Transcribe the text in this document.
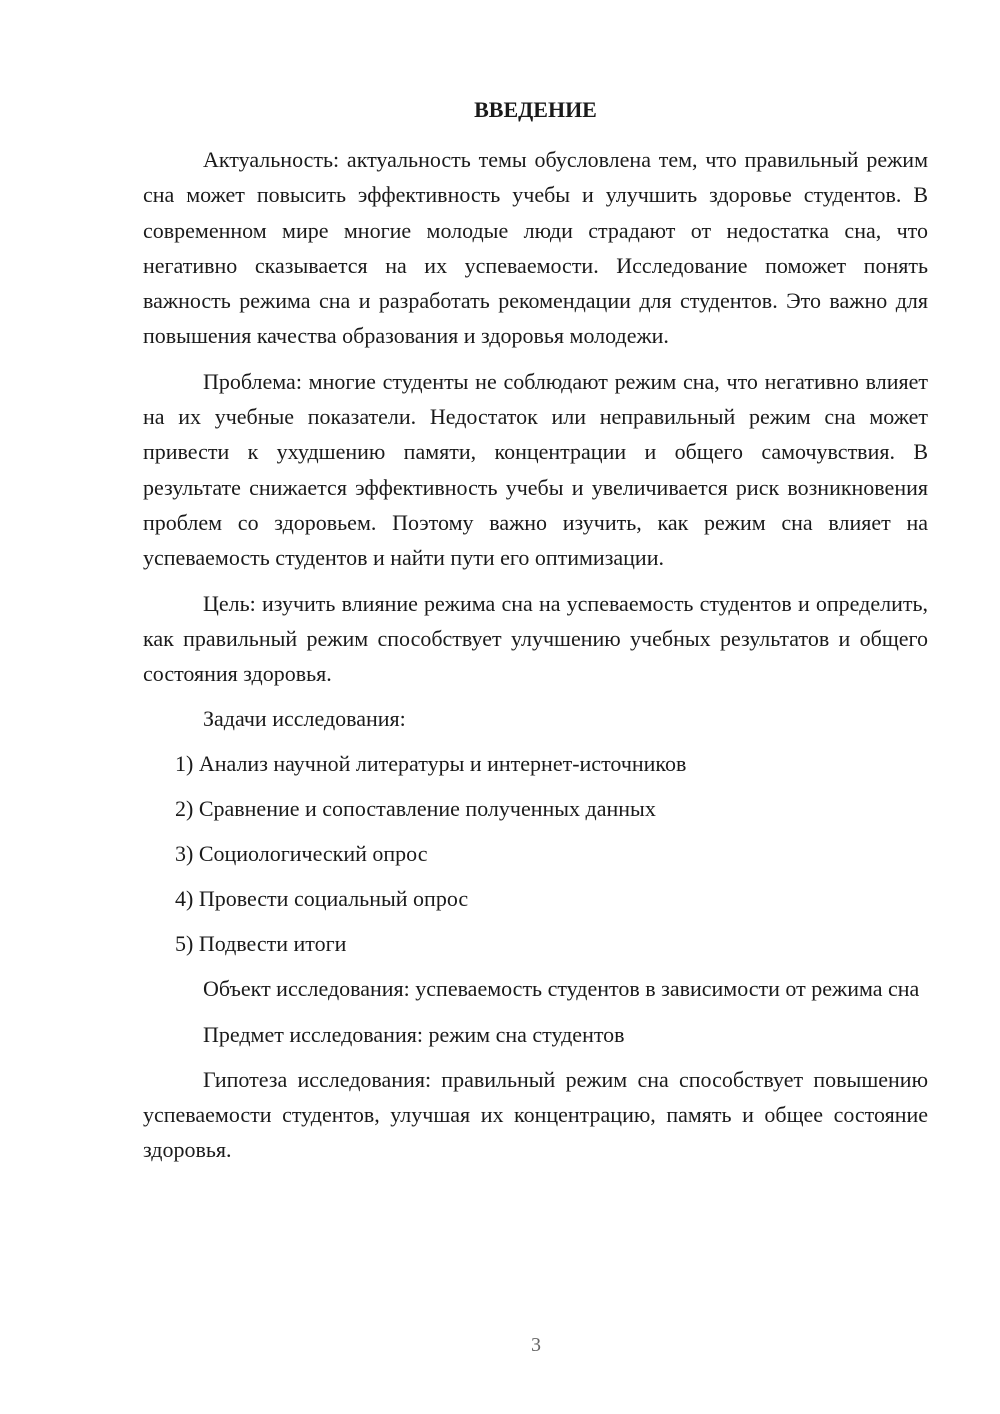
ВВЕДЕНИЕ

Актуальность: актуальность темы обусловлена тем, что правильный режим сна может повысить эффективность учебы и улучшить здоровье студентов. В современном мире многие молодые люди страдают от недостатка сна, что негативно сказывается на их успеваемости. Исследование поможет понять важность режима сна и разработать рекомендации для студентов. Это важно для повышения качества образования и здоровья молодежи.

Проблема: многие студенты не соблюдают режим сна, что негативно влияет на их учебные показатели. Недостаток или неправильный режим сна может привести к ухудшению памяти, концентрации и общего самочувствия. В результате снижается эффективность учебы и увеличивается риск возникновения проблем со здоровьем. Поэтому важно изучить, как режим сна влияет на успеваемость студентов и найти пути его оптимизации.

Цель: изучить влияние режима сна на успеваемость студентов и определить, как правильный режим способствует улучшению учебных результатов и общего состояния здоровья.

Задачи исследования:

1) Анализ научной литературы и интернет-источников

2) Сравнение и сопоставление полученных данных

3) Социологический опрос

4) Провести социальный опрос

5) Подвести итоги

Объект исследования: успеваемость студентов в зависимости от режима сна

Предмет исследования: режим сна студентов

Гипотеза исследования: правильный режим сна способствует повышению успеваемости студентов, улучшая их концентрацию, память и общее состояние здоровья.

3
